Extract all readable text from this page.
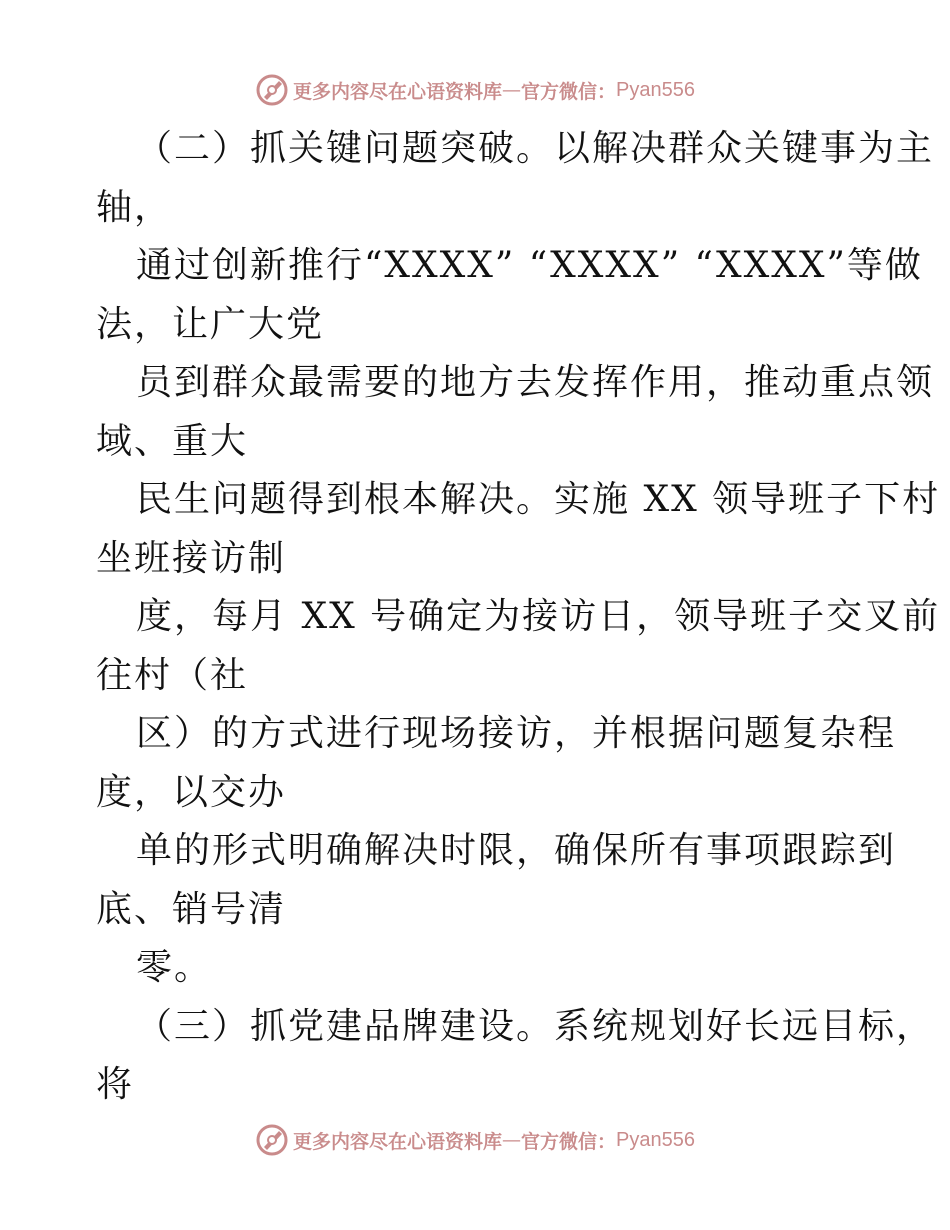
更多内容尽在心语资料库 — 官方微信： Pyan556
（二）抓关键问题突破。以解决群众关键事为主
轴，
通过创新推行“XXXX” “XXXX” “XXXX”等做
法，让广大党
员到群众最需要的地方去发挥作用，推动重点领
域、重大
民生问题得到根本解决。实施 XX 领导班子下村
坐班接访制
度，每月 XX 号确定为接访日，领导班子交叉前
往村（社
区）的方式进行现场接访，并根据问题复杂程
度，以交办
单的形式明确解决时限，确保所有事项跟踪到
底、销号清
零。
（三）抓党建品牌建设。系统规划好长远目标，
将
更多内容尽在心语资料库 — 官方微信： Pyan556
